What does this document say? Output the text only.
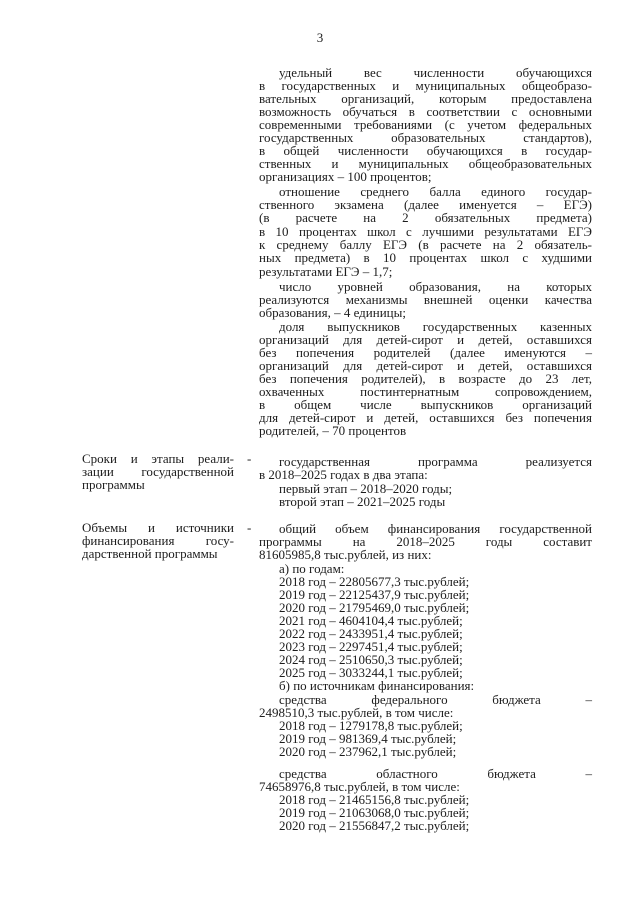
3
удельный вес численности обучающихся
в государственных и муниципальных общеобразо-
вательных организаций, которым предоставлена
возможность обучаться в соответствии с основными
современными требованиями (с учетом федеральных
государственных образовательных стандартов),
в общей численности обучающихся в государ-
ственных и муниципальных общеобразовательных
организациях – 100 процентов;
отношение среднего балла единого государ-
ственного экзамена (далее именуется – ЕГЭ)
(в расчете на 2 обязательных предмета)
в 10 процентах школ с лучшими результатами ЕГЭ
к среднему баллу ЕГЭ (в расчете на 2 обязатель-
ных предмета) в 10 процентах школ с худшими
результатами ЕГЭ – 1,7;
число уровней образования, на которых
реализуются механизмы внешней оценки качества
образования, – 4 единицы;
доля выпускников государственных казенных
организаций для детей-сирот и детей, оставшихся
без попечения родителей (далее именуются –
организаций для детей-сирот и детей, оставшихся
без попечения родителей), в возрасте до 23 лет,
охваченных постинтернатным сопровождением,
в общем числе выпускников организаций
для детей-сирот и детей, оставшихся без попечения
родителей, – 70 процентов
Сроки и этапы реали-
зации государственной
программы
- государственная программа реализуется
в 2018–2025 годах в два этапа:
первый этап – 2018–2020 годы;
второй этап – 2021–2025 годы
Объемы и источники
финансирования госу-
дарственной программы
- общий объем финансирования государственной
программы на 2018–2025 годы составит
81605985,8 тыс.рублей, из них:
а) по годам:
2018 год – 22805677,3 тыс.рублей;
2019 год – 22125437,9 тыс.рублей;
2020 год – 21795469,0 тыс.рублей;
2021 год – 4604104,4 тыс.рублей;
2022 год – 2433951,4 тыс.рублей;
2023 год – 2297451,4 тыс.рублей;
2024 год – 2510650,3 тыс.рублей;
2025 год – 3033244,1 тыс.рублей;
б) по источникам финансирования:
средства федерального бюджета –
2498510,3 тыс.рублей, в том числе:
2018 год – 1279178,8 тыс.рублей;
2019 год – 981369,4 тыс.рублей;
2020 год – 237962,1 тыс.рублей;
средства областного бюджета –
74658976,8 тыс.рублей, в том числе:
2018 год – 21465156,8 тыс.рублей;
2019 год – 21063068,0 тыс.рублей;
2020 год – 21556847,2 тыс.рублей;
